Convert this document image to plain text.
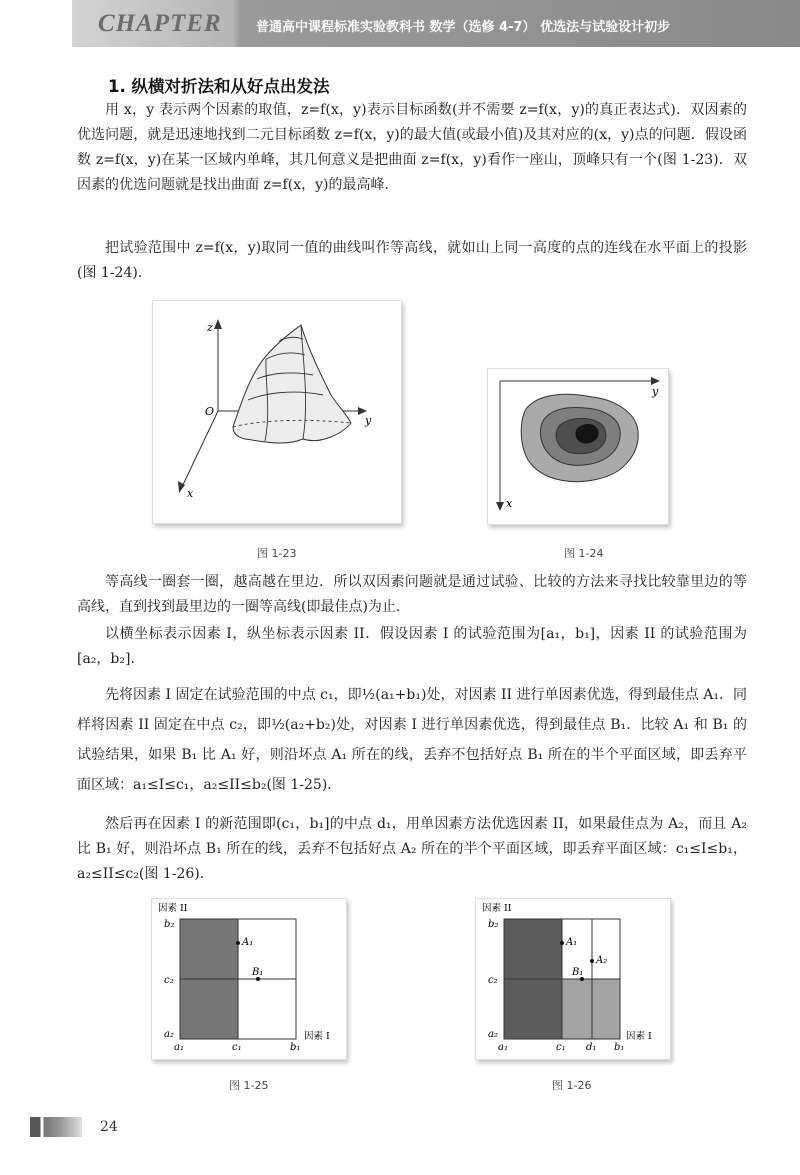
CHAPTER	普通高中课程标准实验教科书 数学（选修 4-7） 优选法与试验设计初步
1. 纵横对折法和从好点出发法

用 x，y 表示两个因素的取值，z=f(x，y)表示目标函数(并不需要 z=f(x，y)的真正表达式)．双因素的优选问题，就是迅速地找到二元目标函数 z=f(x，y)的最大值(或最小值)及其对应的(x，y)点的问题．假设函数 z=f(x，y)在某一区域内单峰，其几何意义是把曲面 z=f(x，y)看作一座山，顶峰只有一个(图 1-23)．双因素的优选问题就是找出曲面 z=f(x，y)的最高峰．

把试验范围中 z=f(x，y)取同一值的曲线叫作等高线，就如山上同一高度的点的连线在水平面上的投影(图 1-24)．

z
y
x
O
y
x
图 1-23	图 1-24

等高线一圈套一圈，越高越在里边．所以双因素问题就是通过试验、比较的方法来寻找比较靠里边的等高线，直到找到最里边的一圈等高线(即最佳点)为止．

以横坐标表示因素 I，纵坐标表示因素 II．假设因素 I 的试验范围为[a₁，b₁]，因素 II 的试验范围为[a₂，b₂]．

先将因素 I 固定在试验范围的中点 c₁，即½(a₁+b₁)处，对因素 II 进行单因素优选，得到最佳点 A₁．同样将因素 II 固定在中点 c₂，即½(a₂+b₂)处，对因素 I 进行单因素优选，得到最佳点 B₁．比较 A₁ 和 B₁ 的试验结果，如果 B₁ 比 A₁ 好，则沿坏点 A₁ 所在的线，丢弃不包括好点 B₁ 所在的半个平面区域，即丢弃平面区域：a₁≤I≤c₁，a₂≤II≤b₂(图 1-25)．

然后再在因素 I 的新范围即(c₁，b₁]的中点 d₁，用单因素方法优选因素 II，如果最佳点为 A₂，而且 A₂ 比 B₁ 好，则沿坏点 B₁ 所在的线，丢弃不包括好点 A₂ 所在的半个平面区域，即丢弃平面区域：c₁≤I≤b₁，a₂≤II≤c₂(图 1-26)．

因素 II
因素 I
b₂
c₂
a₂
a₁	c₁	b₁
A₁
B₁
因素 II
因素 I
b₂
c₂
a₂
a₁	c₁ d₁ b₁
A₁
A₂
B₁
图 1-25	图 1-26
24
